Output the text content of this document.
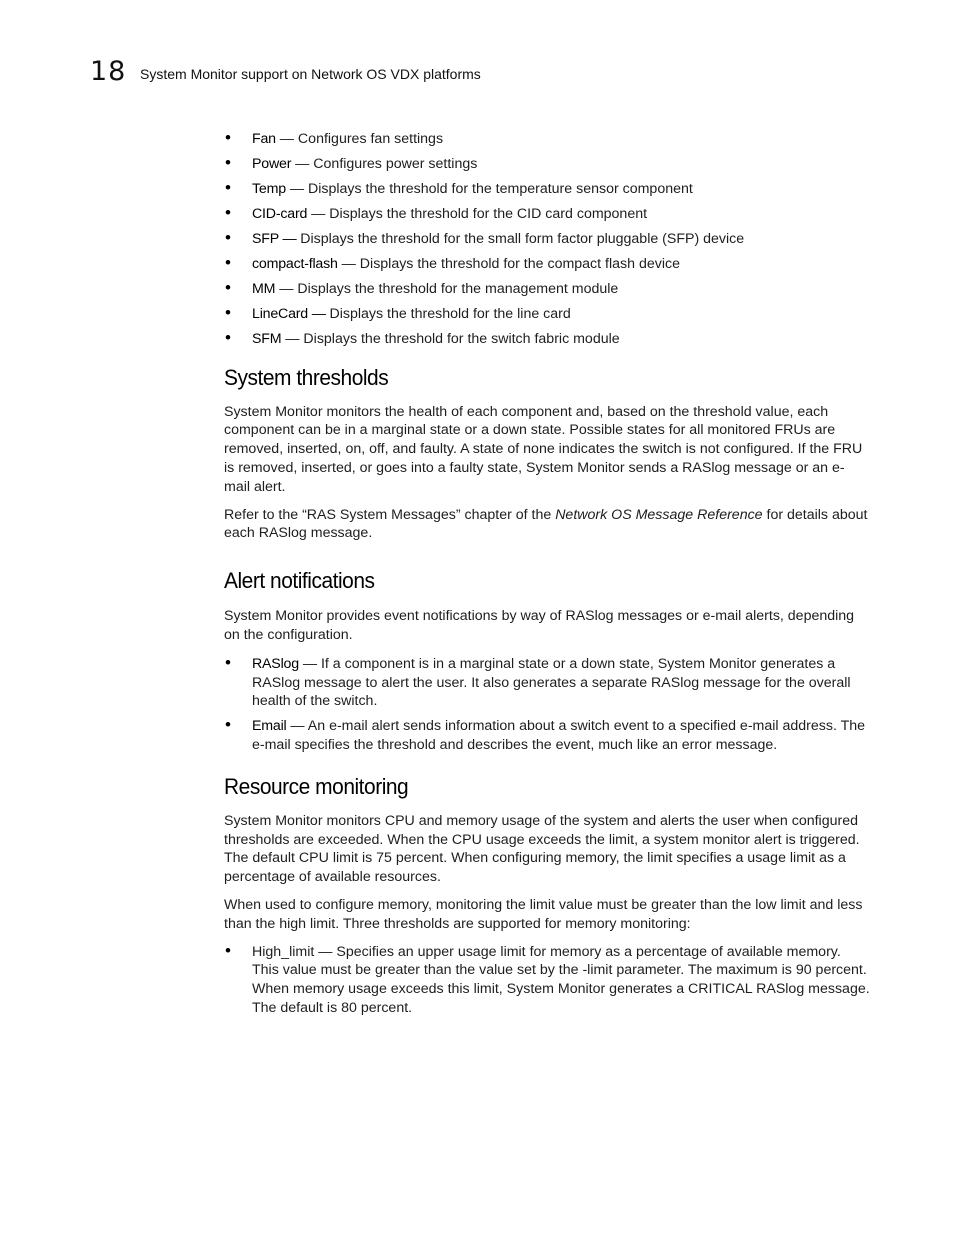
18 System Monitor support on Network OS VDX platforms
• Fan — Configures fan settings
• Power — Configures power settings
• Temp — Displays the threshold for the temperature sensor component
• CID-card — Displays the threshold for the CID card component
• SFP — Displays the threshold for the small form factor pluggable (SFP) device
• compact-flash — Displays the threshold for the compact flash device
• MM — Displays the threshold for the management module
• LineCard — Displays the threshold for the line card
• SFM — Displays the threshold for the switch fabric module
System thresholds

System Monitor monitors the health of each component and, based on the threshold value, each component can be in a marginal state or a down state. Possible states for all monitored FRUs are removed, inserted, on, off, and faulty. A state of none indicates the switch is not configured. If the FRU is removed, inserted, or goes into a faulty state, System Monitor sends a RASlog message or an e-mail alert.

Refer to the “RAS System Messages” chapter of the Network OS Message Reference for details about each RASlog message.

Alert notifications

System Monitor provides event notifications by way of RASlog messages or e-mail alerts, depending on the configuration.

• RASlog — If a component is in a marginal state or a down state, System Monitor generates a RASlog message to alert the user. It also generates a separate RASlog message for the overall health of the switch.
• Email — An e-mail alert sends information about a switch event to a specified e-mail address. The e-mail specifies the threshold and describes the event, much like an error message.
Resource monitoring

System Monitor monitors CPU and memory usage of the system and alerts the user when configured thresholds are exceeded. When the CPU usage exceeds the limit, a system monitor alert is triggered. The default CPU limit is 75 percent. When configuring memory, the limit specifies a usage limit as a percentage of available resources.

When used to configure memory, monitoring the limit value must be greater than the low limit and less than the high limit. Three thresholds are supported for memory monitoring:

• High_limit — Specifies an upper usage limit for memory as a percentage of available memory. This value must be greater than the value set by the -limit parameter. The maximum is 90 percent. When memory usage exceeds this limit, System Monitor generates a CRITICAL RASlog message. The default is 80 percent.
